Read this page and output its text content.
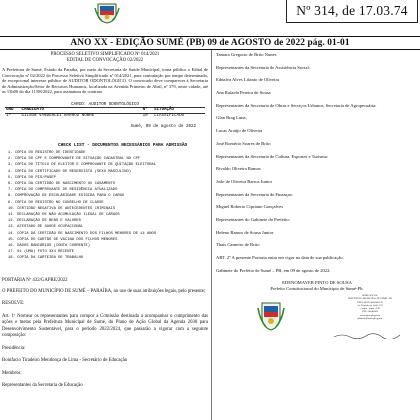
Nº 314, de 17.03.74
ANO XX - EDIÇÃO SUMÉ (PB) 09 de AGOSTO de 2022 pág. 01-01
PROCESSO SELETIVO SIMPLIFICADO Nº 014/2021
EDITAL DE CONVOCAÇÃO 02/2022

A Prefeitura de Sumé, Estado da Paraíba, por meio da Secretaria de Saúde Municipal, torna público o Edital de Convocação nº 02/2022 do Processo Seletivo Simplificado nº 014/2021, para contratação por tempo determinado, de excepcional interesse público de AUDITOR ODONTOLÓGICO. O convocado deve comparecer à Secretaria de Administração/Setor de Recursos Humanos, localizada na Avenida Primeiro de Abril, nº 379, neste cidade, até as 13h00 do dia 11/08/2022, para assinatura de contrato.

CARGO: AUDITOR ODONTOLÓGICO
ORD	CANDIDATO	Nº	SITUAÇÃO
1º	GILSON VANDERLEI BARROS NOBRE	10	CLASSIFICADO
Sumé, 09 de agosto de 2022
CHECK LIST - DOCUMENTOS NECESSÁRIOS PARA ADMISSÃO
1. CÓPIA DO REGISTRO DE IDENTIDADE
2. CÓPIA DO CPF E COMPROVANTE DE SITUAÇÃO CADASTRAL NO CPF
3. CÓPIA DO TÍTULO DE ELEITOR E COMPROVANTE DE QUITAÇÃO ELEITORAL
4. CÓPIA DO CERTIFICADO DE RESERVISTA (SEXO MASCULINO)
5. CÓPIA DO PIS/PASEP
6. CÓPIA DA CERTIDÃO DE NASCIMENTO OU CASAMENTO
7. CÓPIA DO COMPROVANTE DE RESIDÊNCIA ATUALIZADO
8. COMPROVAÇÃO DE ESCOLARIDADE EXIGIDA PARA O CARGO
9. CÓPIA DO REGISTRO NO CONSELHO DE CLASSE
10. CERTIDÃO NEGATIVA DE ANTECEDENTES CRIMINAIS
11. DECLARAÇÃO DE NÃO ACUMULAÇÃO ILEGAL DE CARGOS
12. DECLARAÇÃO DE BENS E VALORES
13. ATESTADO DE SAÚDE OCUPACIONAL
14. CÓPIA DA CERTIDÃO DE NASCIMENTO DOS FILHOS MENORES DE 14 ANOS
15. CÓPIA DO CARTÃO DE VACINA DOS FILHOS MENORES
16. DADOS BANCÁRIOS (CONTA CORRENTE)
17. 01 (UMA) FOTO 3X4 RECENTE
18. CÓPIA DA CARTEIRA DE TRABALHO
PORTARIA Nº 432/GAPRE/2022

O PREFEITO DO MUNICÍPIO DE SUMÉ – PARAÍBA, no uso de suas atribuições legais, pelo presente;

RESOLVE:

Art. 1º Nomear os representantes para compor a Comissão destinada a acompanhar o cumprimento das ações e metas pela Prefeitura Municipal de Sumé, do Plano de Ação Global da Agenda 2030 para Desenvolvimento Sustentável, para o período 2022/2024, que passarão a vigorar com a seguinte composição:

Presidência:

Bonifacio Tiradeiro Mendonça de Lima - Secretário de Educação

Membros:

Representantes da Secretaria de Educação

Tamara Gregorio de Brito Nunes
Representantes da Secretaria de Assistência Social:
Ednalva Alves Lifanio de Oliveira
Ana Rafaela Pereira de Sousa
Representantes da Secretaria de Obras e Serviços Urbanos, Secretaria de Agropecuária:
Glan Brag Luna,
Lucas Araújo de Oliveira
José Romério Soares de Brito
Representantes da Secretaria de Cultura, Esportes e Turismo:
Rivaldo Oliveira Ramos
João de Oliveira Barros Junior
Representantes da Secretaria de Finanças:
Miguel Roberto Cipriano Gonçalves
Representantes do Gabinete do Prefeito:
Heleno Ramos de Sousa Junior
Thais Carneiro de Brito
ART. 2º A presente Portaria entra em vigor na data de sua publicação.
Gabinete do Prefeito de Sumé – PB, em 09 de agosto de 2022.
EDENOMAYER PINTO DE SOUSA
Prefeito Constitucional do Município de Sumé-Pb.
SUMÉ SOCIAL
PREFEITURA MUNICIPAL DE SUMÉ - PB
CNPJ: 09.073.628/0001-91
Av. Primeiro de Abril, 379
Centro - Sumé - PB
CEP: 58540-000
www.sume.pb.gov.br
gabinete@sume.pb.gov.br
